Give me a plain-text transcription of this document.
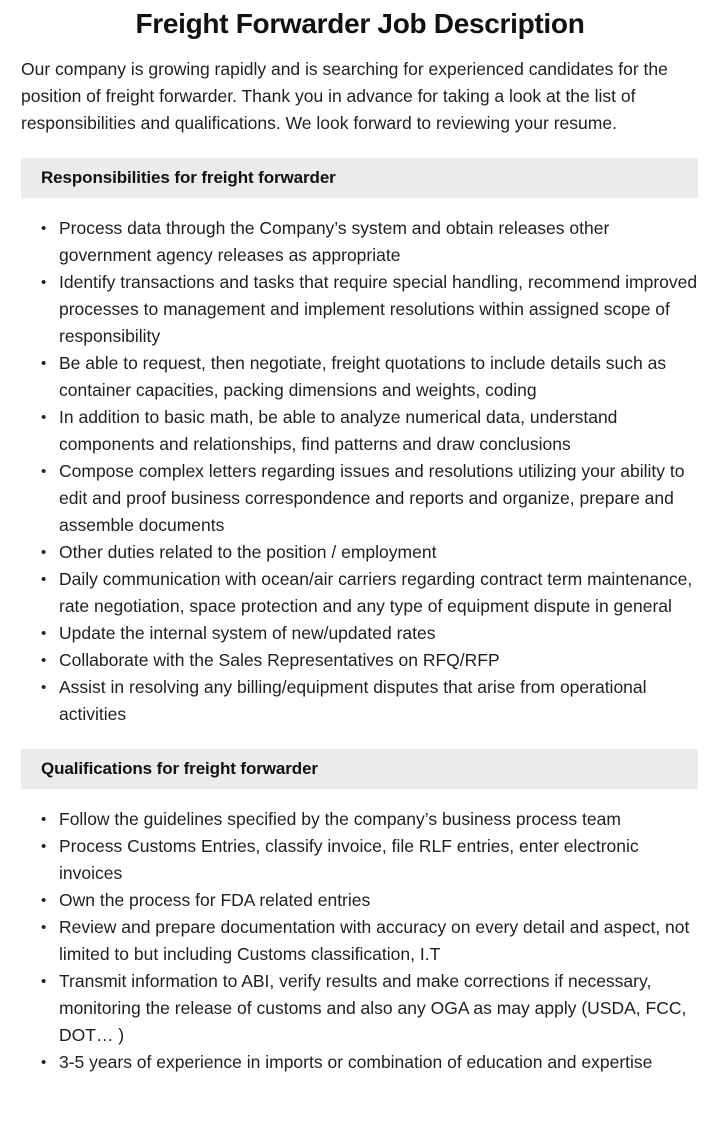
Freight Forwarder Job Description

Our company is growing rapidly and is searching for experienced candidates for the position of freight forwarder. Thank you in advance for taking a look at the list of responsibilities and qualifications. We look forward to reviewing your resume.

Responsibilities for freight forwarder
• Process data through the Company’s system and obtain releases other government agency releases as appropriate
• Identify transactions and tasks that require special handling, recommend improved processes to management and implement resolutions within assigned scope of responsibility
• Be able to request, then negotiate, freight quotations to include details such as container capacities, packing dimensions and weights, coding
• In addition to basic math, be able to analyze numerical data, understand components and relationships, find patterns and draw conclusions
• Compose complex letters regarding issues and resolutions utilizing your ability to edit and proof business correspondence and reports and organize, prepare and assemble documents
• Other duties related to the position / employment
• Daily communication with ocean/air carriers regarding contract term maintenance, rate negotiation, space protection and any type of equipment dispute in general
• Update the internal system of new/updated rates
• Collaborate with the Sales Representatives on RFQ/RFP
• Assist in resolving any billing/equipment disputes that arise from operational activities
Qualifications for freight forwarder
• Follow the guidelines specified by the company’s business process team
• Process Customs Entries, classify invoice, file RLF entries, enter electronic invoices
• Own the process for FDA related entries
• Review and prepare documentation with accuracy on every detail and aspect, not limited to but including Customs classification, I.T
• Transmit information to ABI, verify results and make corrections if necessary, monitoring the release of customs and also any OGA as may apply (USDA, FCC, DOT… )
• 3-5 years of experience in imports or combination of education and expertise
